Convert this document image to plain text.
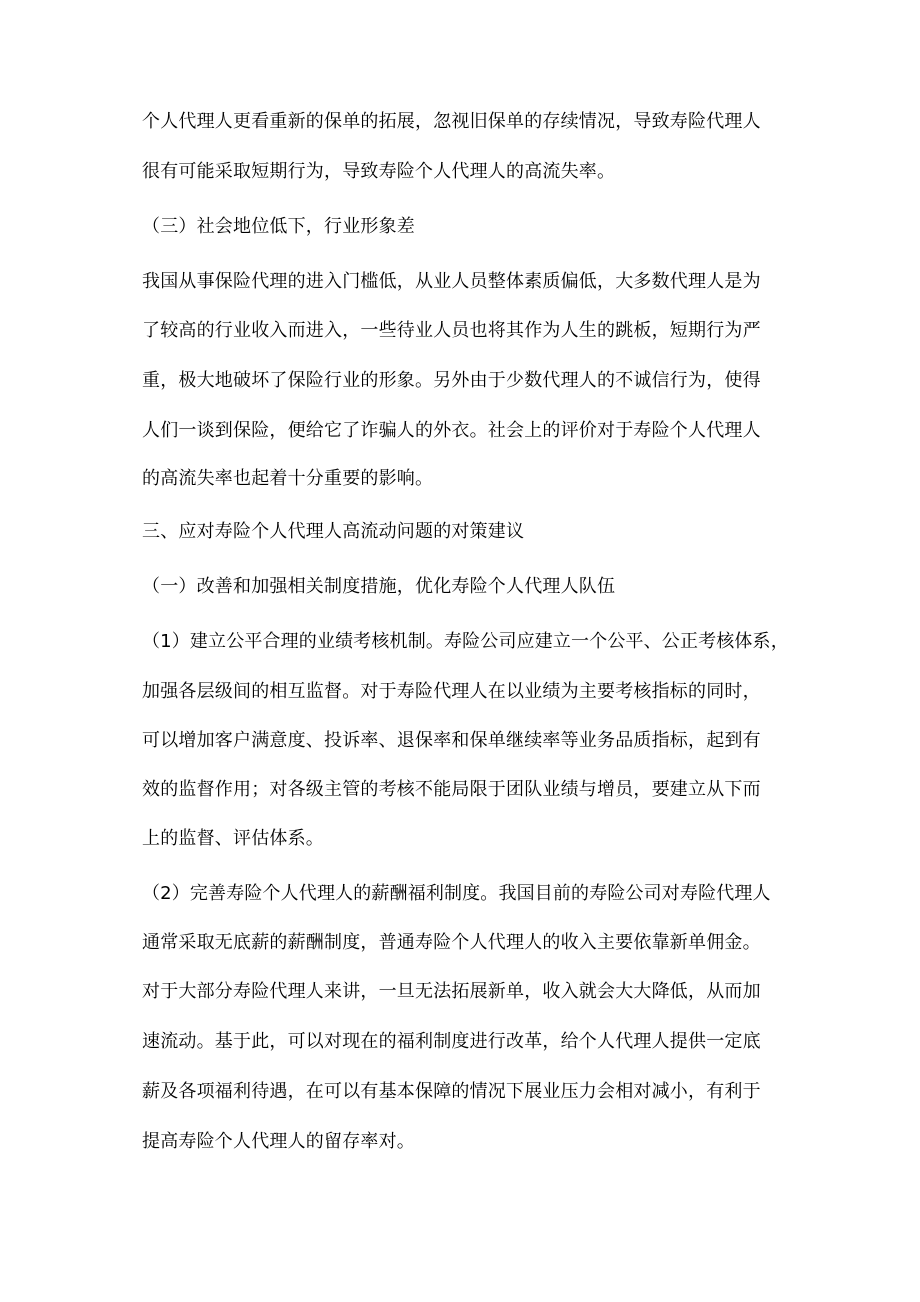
个人代理人更看重新的保单的拓展，忽视旧保单的存续情况，导致寿险代理人
很有可能采取短期行为，导致寿险个人代理人的高流失率。
（三）社会地位低下，行业形象差
我国从事保险代理的进入门槛低，从业人员整体素质偏低，大多数代理人是为
了较高的行业收入而进入，一些待业人员也将其作为人生的跳板，短期行为严
重，极大地破坏了保险行业的形象。另外由于少数代理人的不诚信行为，使得
人们一谈到保险，便给它了诈骗人的外衣。社会上的评价对于寿险个人代理人
的高流失率也起着十分重要的影响。
三、应对寿险个人代理人高流动问题的对策建议
（一）改善和加强相关制度措施，优化寿险个人代理人队伍
（1）建立公平合理的业绩考核机制。寿险公司应建立一个公平、公正考核体系，
加强各层级间的相互监督。对于寿险代理人在以业绩为主要考核指标的同时，
可以增加客户满意度、投诉率、退保率和保单继续率等业务品质指标，起到有
效的监督作用；对各级主管的考核不能局限于团队业绩与增员，要建立从下而
上的监督、评估体系。
（2）完善寿险个人代理人的薪酬福利制度。我国目前的寿险公司对寿险代理人
通常采取无底薪的薪酬制度，普通寿险个人代理人的收入主要依靠新单佣金。
对于大部分寿险代理人来讲，一旦无法拓展新单，收入就会大大降低，从而加
速流动。基于此，可以对现在的福利制度进行改革，给个人代理人提供一定底
薪及各项福利待遇，在可以有基本保障的情况下展业压力会相对减小，有利于
提高寿险个人代理人的留存率对。
